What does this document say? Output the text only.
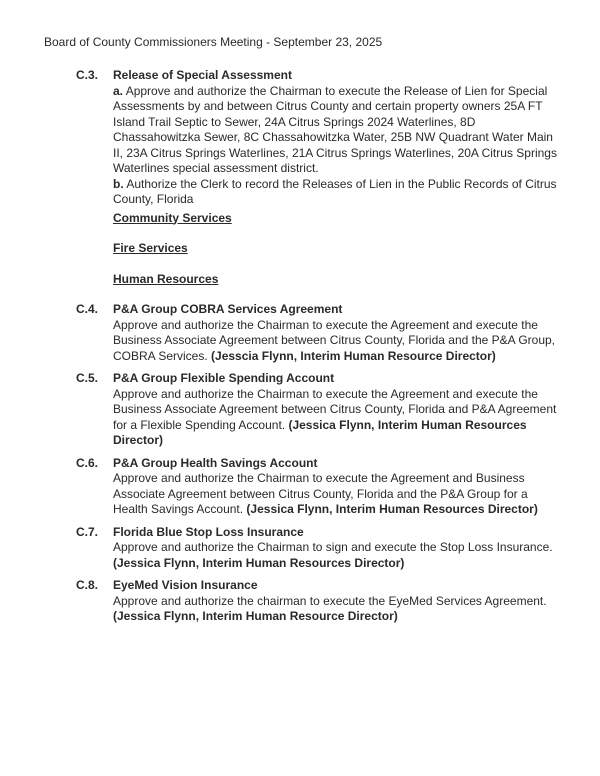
Board of County Commissioners Meeting - September 23, 2025
C.3.	Release of Special Assessment

a. Approve and authorize the Chairman to execute the Release of Lien for Special Assessments by and between Citrus County and certain property owners 25A FT Island Trail Septic to Sewer, 24A Citrus Springs 2024 Waterlines, 8D Chassahowitzka Sewer, 8C Chassahowitzka Water, 25B NW Quadrant Water Main II, 23A Citrus Springs Waterlines, 21A Citrus Springs Waterlines, 20A Citrus Springs Waterlines special assessment district.

b. Authorize the Clerk to record the Releases of Lien in the Public Records of Citrus County, Florida

Community Services
Fire Services
Human Resources
C.4.	P&A Group COBRA Services Agreement

Approve and authorize the Chairman to execute the Agreement and execute the Business Associate Agreement between Citrus County, Florida and the P&A Group, COBRA Services. (Jesscia Flynn, Interim Human Resource Director)

C.5.	P&A Group Flexible Spending Account

Approve and authorize the Chairman to execute the Agreement and execute the Business Associate Agreement between Citrus County, Florida and P&A Agreement for a Flexible Spending Account. (Jessica Flynn, Interim Human Resources Director)

C.6.	P&A Group Health Savings Account

Approve and authorize the Chairman to execute the Agreement and Business Associate Agreement between Citrus County, Florida and the P&A Group for a Health Savings Account. (Jessica Flynn, Interim Human Resources Director)

C.7.	Florida Blue Stop Loss Insurance

Approve and authorize the Chairman to sign and execute the Stop Loss Insurance. (Jessica Flynn, Interim Human Resources Director)

C.8.	EyeMed Vision Insurance

Approve and authorize the chairman to execute the EyeMed Services Agreement. (Jessica Flynn, Interim Human Resource Director)
